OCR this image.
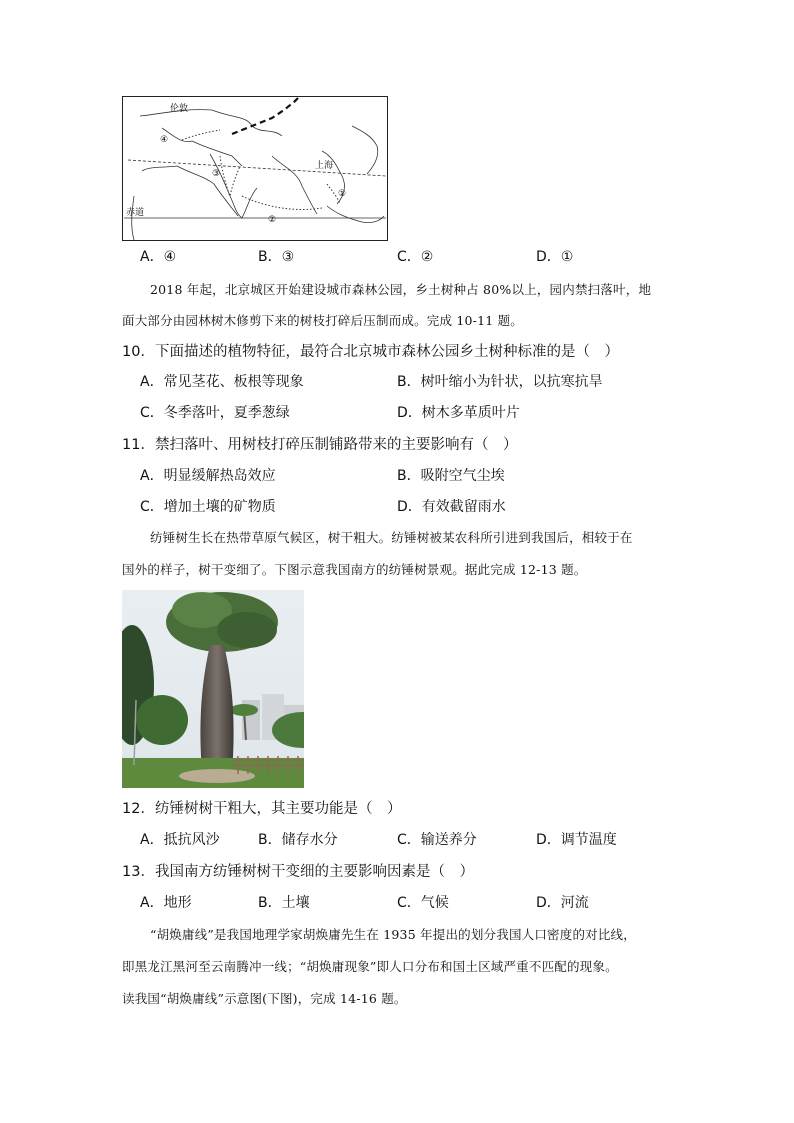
伦敦
上海
赤道
④
③
②
①
A．④	B．③	C．②	D．①
2018 年起，北京城区开始建设城市森林公园，乡土树种占 80%以上，园内禁扫落叶，地
面大部分由园林树木修剪下来的树枝打碎后压制而成。完成 10-11 题。
10．下面描述的植物特征，最符合北京城市森林公园乡土树种标准的是（　）
A．常见茎花、板根等现象	B．树叶缩小为针状，以抗寒抗旱
C．冬季落叶，夏季葱绿	D．树木多革质叶片
11．禁扫落叶、用树枝打碎压制铺路带来的主要影响有（　）
A．明显缓解热岛效应	B．吸附空气尘埃
C．增加土壤的矿物质	D．有效截留雨水
纺锤树生长在热带草原气候区，树干粗大。纺锤树被某农科所引进到我国后，相较于在
国外的样子，树干变细了。下图示意我国南方的纺锤树景观。据此完成 12-13 题。
12．纺锤树树干粗大，其主要功能是（　）
A．抵抗风沙	B．储存水分	C．输送养分	D．调节温度
13．我国南方纺锤树树干变细的主要影响因素是（　）
A．地形	B．土壤	C．气候	D．河流
“胡焕庸线”是我国地理学家胡焕庸先生在 1935 年提出的划分我国人口密度的对比线，
即黑龙江黑河至云南腾冲一线；“胡焕庸现象”即人口分布和国土区域严重不匹配的现象。
读我国“胡焕庸线”示意图(下图)，完成 14-16 题。
